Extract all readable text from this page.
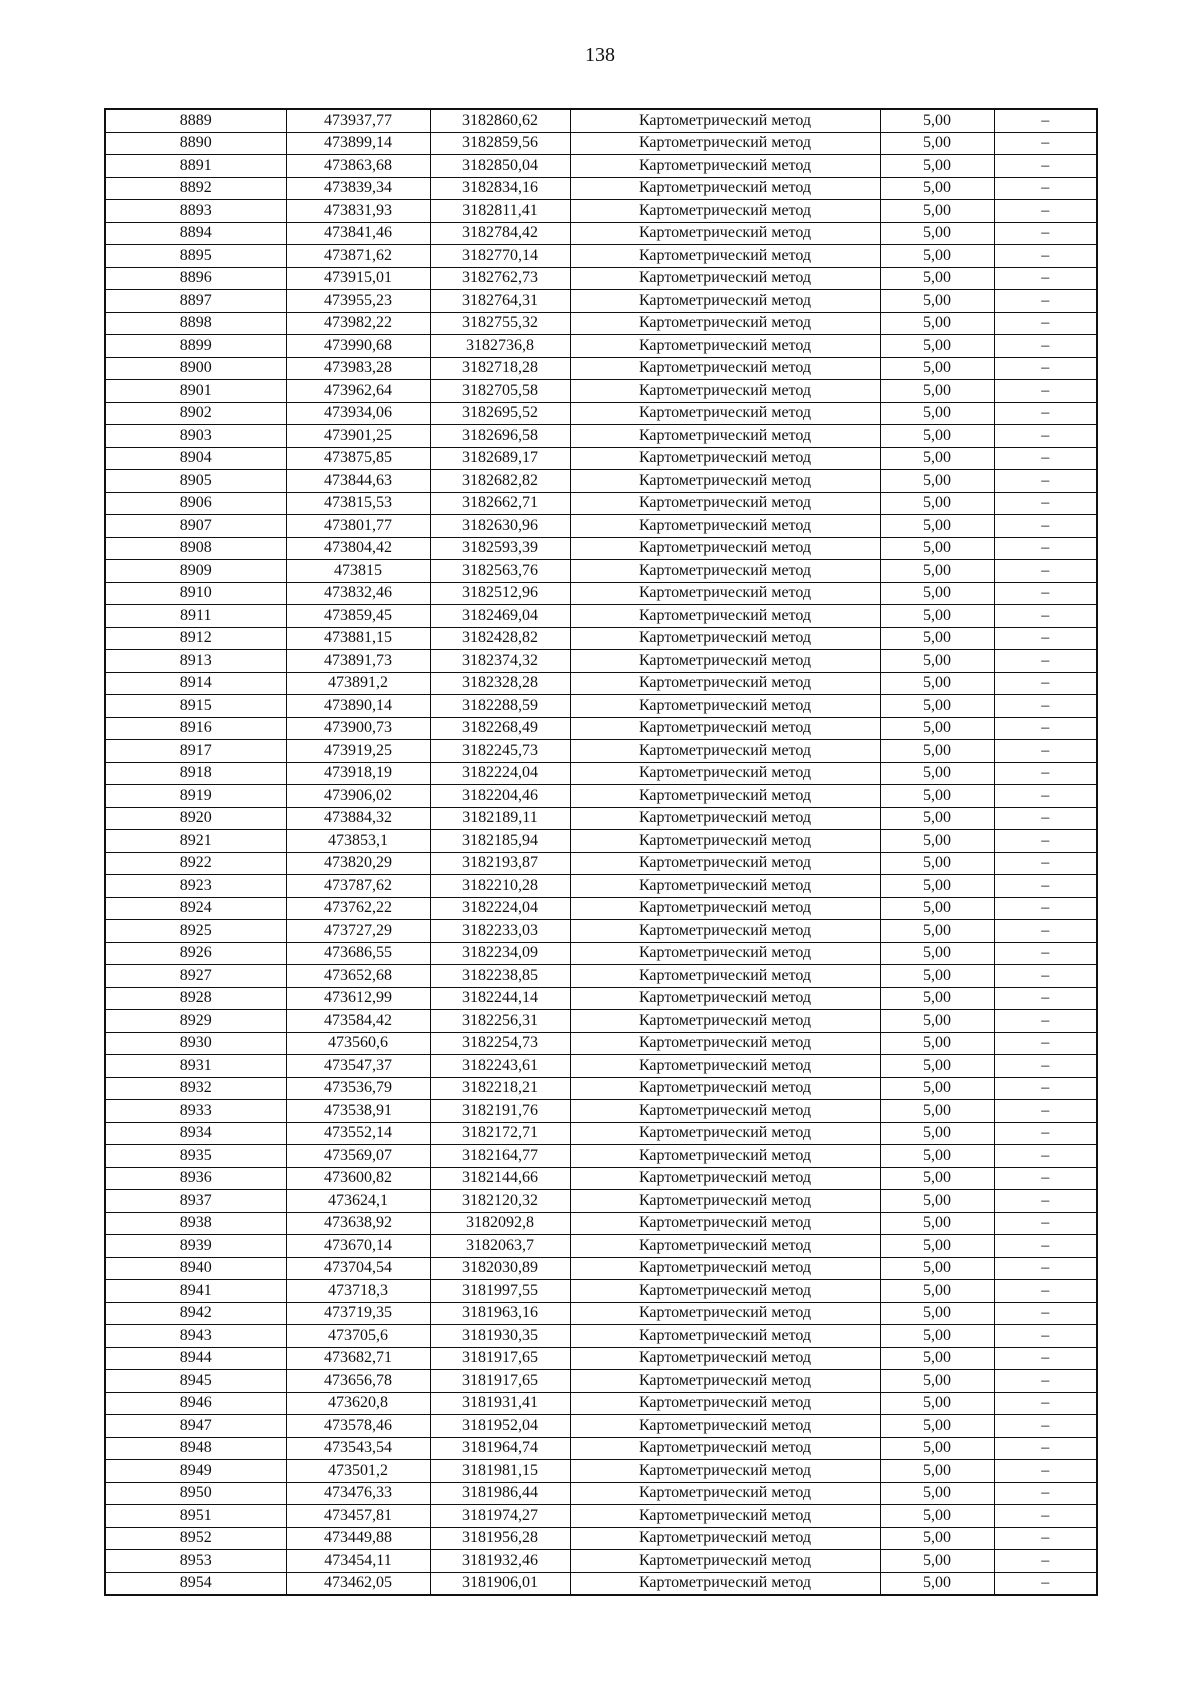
138
8889	473937,77	3182860,62	Картометрический метод	5,00	–
8890	473899,14	3182859,56	Картометрический метод	5,00	–
8891	473863,68	3182850,04	Картометрический метод	5,00	–
8892	473839,34	3182834,16	Картометрический метод	5,00	–
8893	473831,93	3182811,41	Картометрический метод	5,00	–
8894	473841,46	3182784,42	Картометрический метод	5,00	–
8895	473871,62	3182770,14	Картометрический метод	5,00	–
8896	473915,01	3182762,73	Картометрический метод	5,00	–
8897	473955,23	3182764,31	Картометрический метод	5,00	–
8898	473982,22	3182755,32	Картометрический метод	5,00	–
8899	473990,68	3182736,8	Картометрический метод	5,00	–
8900	473983,28	3182718,28	Картометрический метод	5,00	–
8901	473962,64	3182705,58	Картометрический метод	5,00	–
8902	473934,06	3182695,52	Картометрический метод	5,00	–
8903	473901,25	3182696,58	Картометрический метод	5,00	–
8904	473875,85	3182689,17	Картометрический метод	5,00	–
8905	473844,63	3182682,82	Картометрический метод	5,00	–
8906	473815,53	3182662,71	Картометрический метод	5,00	–
8907	473801,77	3182630,96	Картометрический метод	5,00	–
8908	473804,42	3182593,39	Картометрический метод	5,00	–
8909	473815	3182563,76	Картометрический метод	5,00	–
8910	473832,46	3182512,96	Картометрический метод	5,00	–
8911	473859,45	3182469,04	Картометрический метод	5,00	–
8912	473881,15	3182428,82	Картометрический метод	5,00	–
8913	473891,73	3182374,32	Картометрический метод	5,00	–
8914	473891,2	3182328,28	Картометрический метод	5,00	–
8915	473890,14	3182288,59	Картометрический метод	5,00	–
8916	473900,73	3182268,49	Картометрический метод	5,00	–
8917	473919,25	3182245,73	Картометрический метод	5,00	–
8918	473918,19	3182224,04	Картометрический метод	5,00	–
8919	473906,02	3182204,46	Картометрический метод	5,00	–
8920	473884,32	3182189,11	Картометрический метод	5,00	–
8921	473853,1	3182185,94	Картометрический метод	5,00	–
8922	473820,29	3182193,87	Картометрический метод	5,00	–
8923	473787,62	3182210,28	Картометрический метод	5,00	–
8924	473762,22	3182224,04	Картометрический метод	5,00	–
8925	473727,29	3182233,03	Картометрический метод	5,00	–
8926	473686,55	3182234,09	Картометрический метод	5,00	–
8927	473652,68	3182238,85	Картометрический метод	5,00	–
8928	473612,99	3182244,14	Картометрический метод	5,00	–
8929	473584,42	3182256,31	Картометрический метод	5,00	–
8930	473560,6	3182254,73	Картометрический метод	5,00	–
8931	473547,37	3182243,61	Картометрический метод	5,00	–
8932	473536,79	3182218,21	Картометрический метод	5,00	–
8933	473538,91	3182191,76	Картометрический метод	5,00	–
8934	473552,14	3182172,71	Картометрический метод	5,00	–
8935	473569,07	3182164,77	Картометрический метод	5,00	–
8936	473600,82	3182144,66	Картометрический метод	5,00	–
8937	473624,1	3182120,32	Картометрический метод	5,00	–
8938	473638,92	3182092,8	Картометрический метод	5,00	–
8939	473670,14	3182063,7	Картометрический метод	5,00	–
8940	473704,54	3182030,89	Картометрический метод	5,00	–
8941	473718,3	3181997,55	Картометрический метод	5,00	–
8942	473719,35	3181963,16	Картометрический метод	5,00	–
8943	473705,6	3181930,35	Картометрический метод	5,00	–
8944	473682,71	3181917,65	Картометрический метод	5,00	–
8945	473656,78	3181917,65	Картометрический метод	5,00	–
8946	473620,8	3181931,41	Картометрический метод	5,00	–
8947	473578,46	3181952,04	Картометрический метод	5,00	–
8948	473543,54	3181964,74	Картометрический метод	5,00	–
8949	473501,2	3181981,15	Картометрический метод	5,00	–
8950	473476,33	3181986,44	Картометрический метод	5,00	–
8951	473457,81	3181974,27	Картометрический метод	5,00	–
8952	473449,88	3181956,28	Картометрический метод	5,00	–
8953	473454,11	3181932,46	Картометрический метод	5,00	–
8954	473462,05	3181906,01	Картометрический метод	5,00	–
